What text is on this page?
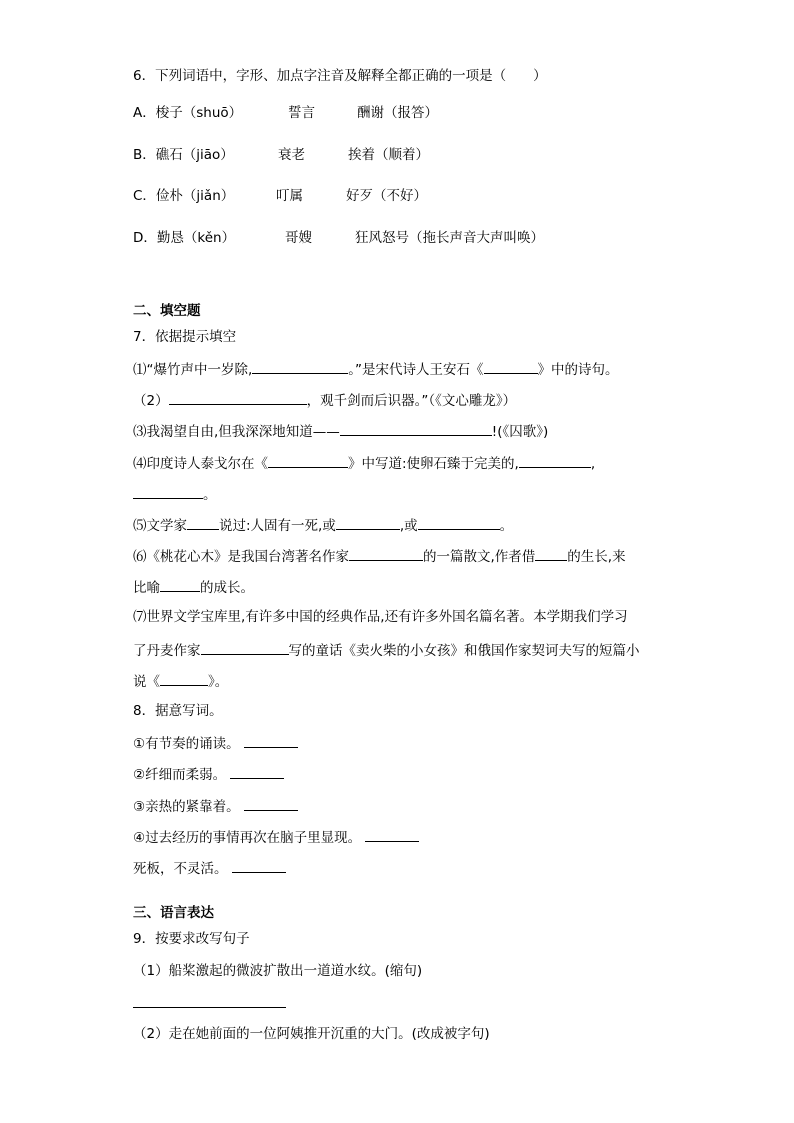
6．下列词语中，字形、加点字注音及解释全都正确的一项是（　　）
A．梭子（shuō）	誓言	酬谢（报答）
B．礁石（jiāo）	衰老	挨着（顺着）
C．俭朴（jiǎn）	叮属	好歹（不好）
D．勤恳（kěn）	哥嫂	狂风怒号（拖长声音大声叫唤）
二、填空题
7．依据提示填空
⑴“爆竹声中一岁除,	。”是宋代诗人王安石《	》中的诗句。
（2）	，观千剑而后识器。”（《文心雕龙》）
⑶我渴望自由,但我深深地知道——	!(《囚歌》)
⑷印度诗人泰戈尔在《	》中写道:使卵石臻于完美的,	,
。
⑸文学家 说过:人固有一死,或	,或	。
⑹《桃花心木》是我国台湾著名作家	的一篇散文,作者借 的生长,来
比喻	的成长。
⑺世界文学宝库里,有许多中国的经典作品,还有许多外国名篇名著。本学期我们学习
了丹麦作家	写的童话《卖火柴的小女孩》和俄国作家契诃夫写的短篇小
说《	》。
8．据意写词。
①有节奏的诵读。
②纤细而柔弱。
③亲热的紧靠着。
④过去经历的事情再次在脑子里显现。
死板，不灵活。
三、语言表达
9．按要求改写句子
（1）船桨激起的微波扩散出一道道水纹。(缩句)
（2）走在她前面的一位阿姨推开沉重的大门。(改成被字句)
